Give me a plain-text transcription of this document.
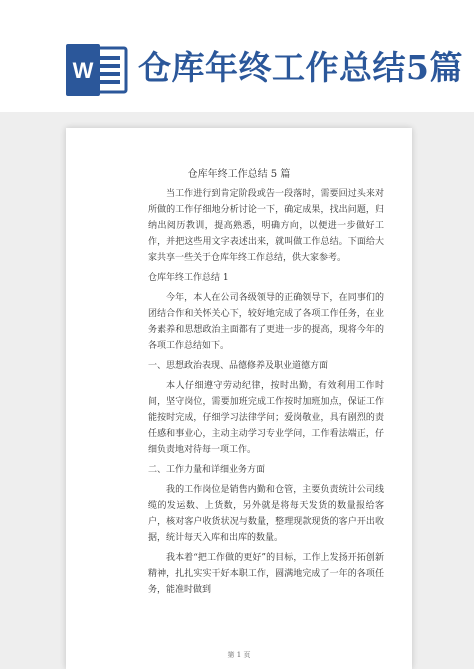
W 仓库年终工作总结5篇
仓库年终工作总结 5 篇

当工作进行到肯定阶段或告一段落时，需要回过头来对所做的工作仔细地分析讨论一下，确定成果，找出问题，归纳出阅历教训，提高熟悉，明确方向，以便进一步做好工作，并把这些用文字表述出来，就叫做工作总结。下面给大家共享一些关于仓库年终工作总结，供大家参考。

仓库年终工作总结 1

今年，本人在公司各级领导的正确领导下，在同事们的团结合作和关怀关心下，较好地完成了各项工作任务，在业务素养和思想政治主面都有了更进一步的提高，现将今年的各项工作总结如下。

一、思想政治表现、品德修养及职业道德方面

本人仔细遵守劳动纪律，按时出勤，有效利用工作时间，坚守岗位，需要加班完成工作按时加班加点，保证工作能按时完成，仔细学习法律学问；爱岗敬业，具有剧烈的责任感和事业心，主动主动学习专业学问，工作看法端正，仔细负责地对待每一项工作。

二、工作力量和详细业务方面

我的工作岗位是销售内勤和仓管，主要负责统计公司线缆的发运数、上货数，另外就是将每天发货的数量报给客户，核对客户收货状况与数量，整理现款现货的客户开出收据，统计每天入库和出库的数量。

我本着“把工作做的更好”的目标，工作上发扬开拓创新精神，扎扎实实干好本职工作，圆满地完成了一年的各项任务，能准时做到

第 1 页
